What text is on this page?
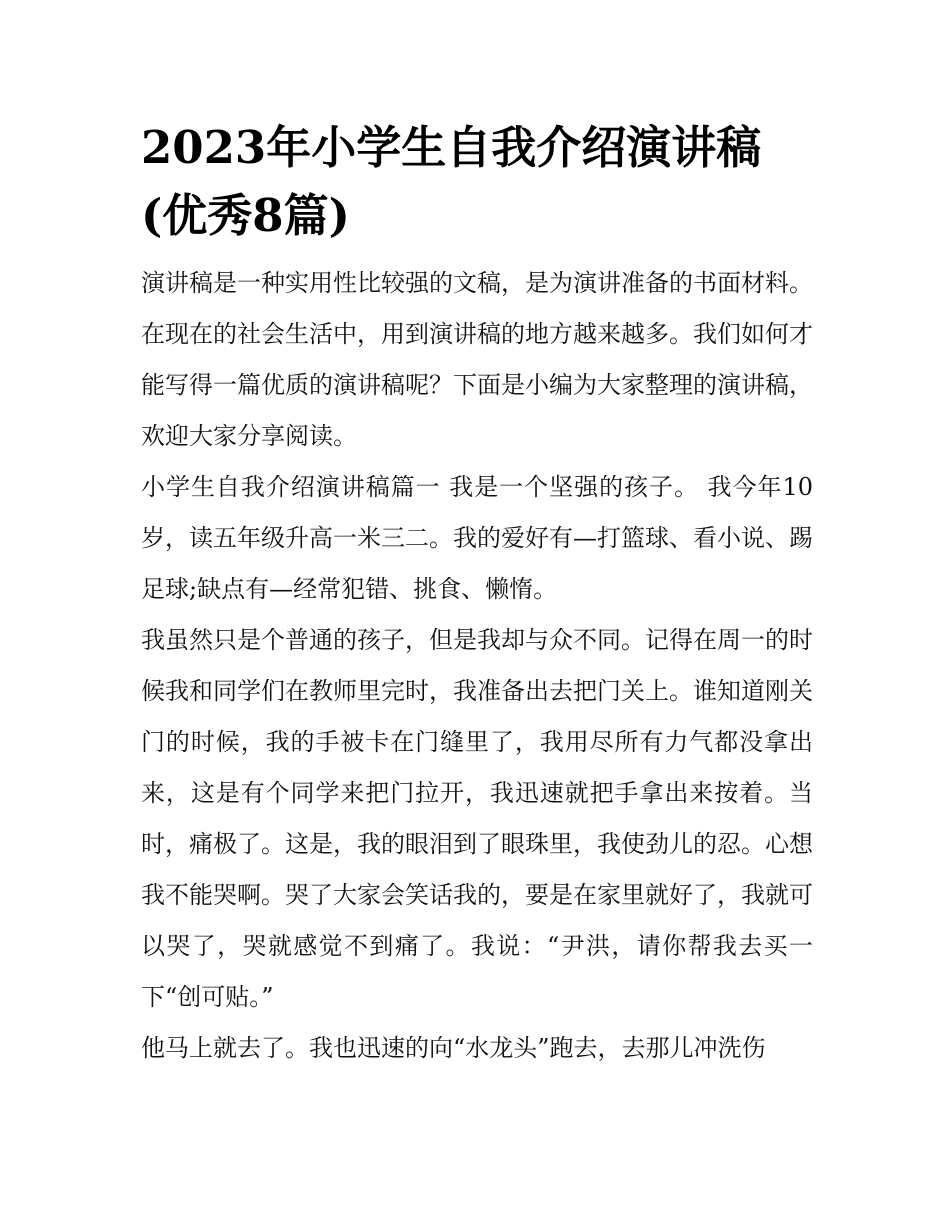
2023年小学生自我介绍演讲稿(优秀8篇)

演讲稿是一种实用性比较强的文稿，是为演讲准备的书面材料。在现在的社会生活中，用到演讲稿的地方越来越多。我们如何才能写得一篇优质的演讲稿呢？下面是小编为大家整理的演讲稿，欢迎大家分享阅读。

小学生自我介绍演讲稿篇一 我是一个坚强的孩子。 我今年10岁，读五年级升高一米三二。我的爱好有—打篮球、看小说、踢足球;缺点有—经常犯错、挑食、懒惰。

我虽然只是个普通的孩子，但是我却与众不同。记得在周一的时候我和同学们在教师里完时，我准备出去把门关上。谁知道刚关门的时候，我的手被卡在门缝里了，我用尽所有力气都没拿出来，这是有个同学来把门拉开，我迅速就把手拿出来按着。当时，痛极了。这是，我的眼泪到了眼珠里，我使劲儿的忍。心想我不能哭啊。哭了大家会笑话我的，要是在家里就好了，我就可以哭了，哭就感觉不到痛了。我说：“尹洪，请你帮我去买一下“创可贴。”

他马上就去了。我也迅速的向“水龙头”跑去，去那儿冲洗伤
